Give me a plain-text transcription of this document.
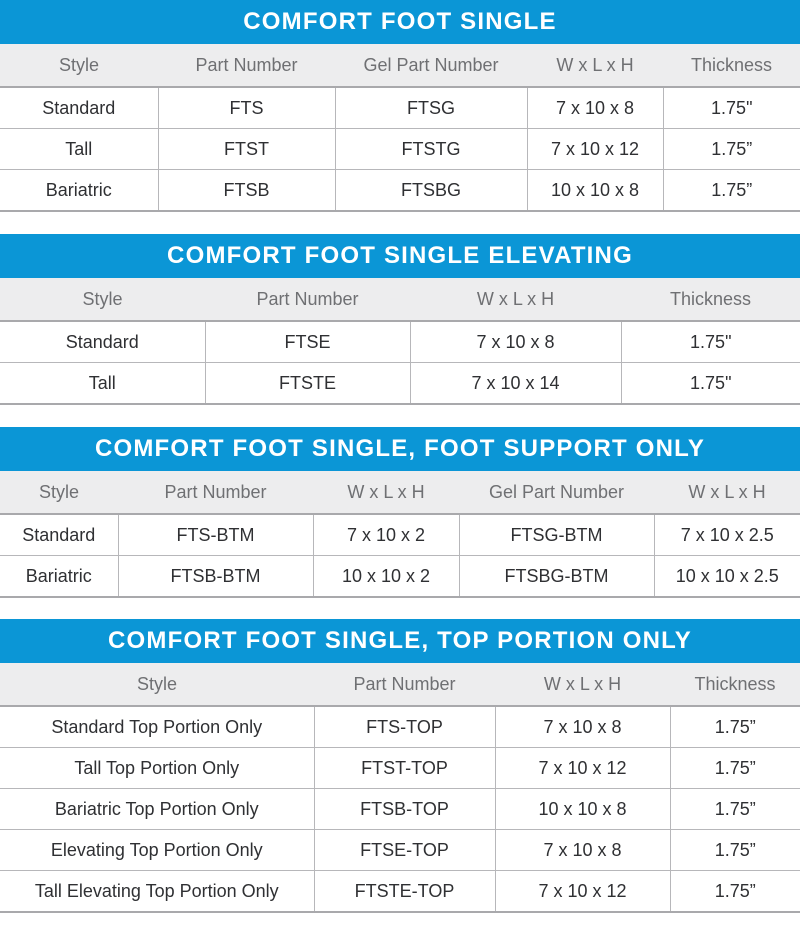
COMFORT FOOT SINGLE
Style	Part Number	Gel Part Number	W x L x H	Thickness
Standard	FTS	FTSG	7 x 10 x 8	1.75"
Tall	FTST	FTSTG	7 x 10 x 12	1.75”
Bariatric	FTSB	FTSBG	10 x 10 x 8	1.75”
COMFORT FOOT SINGLE ELEVATING
Style	Part Number	W x L x H	Thickness
Standard	FTSE	7 x 10 x 8	1.75"
Tall	FTSTE	7 x 10 x 14	1.75"
COMFORT FOOT SINGLE, FOOT SUPPORT ONLY
Style	Part Number	W x L x H	Gel Part Number	W x L x H
Standard	FTS-BTM	7 x 10 x 2	FTSG-BTM	7 x 10 x 2.5
Bariatric	FTSB-BTM	10 x 10 x 2	FTSBG-BTM	10 x 10 x 2.5
COMFORT FOOT SINGLE, TOP PORTION ONLY
Style	Part Number	W x L x H	Thickness
Standard Top Portion Only	FTS-TOP	7 x 10 x 8	1.75”
Tall Top Portion Only	FTST-TOP	7 x 10 x 12	1.75”
Bariatric Top Portion Only	FTSB-TOP	10 x 10 x 8	1.75”
Elevating Top Portion Only	FTSE-TOP	7 x 10 x 8	1.75”
Tall Elevating Top Portion Only	FTSTE-TOP	7 x 10 x 12	1.75”
